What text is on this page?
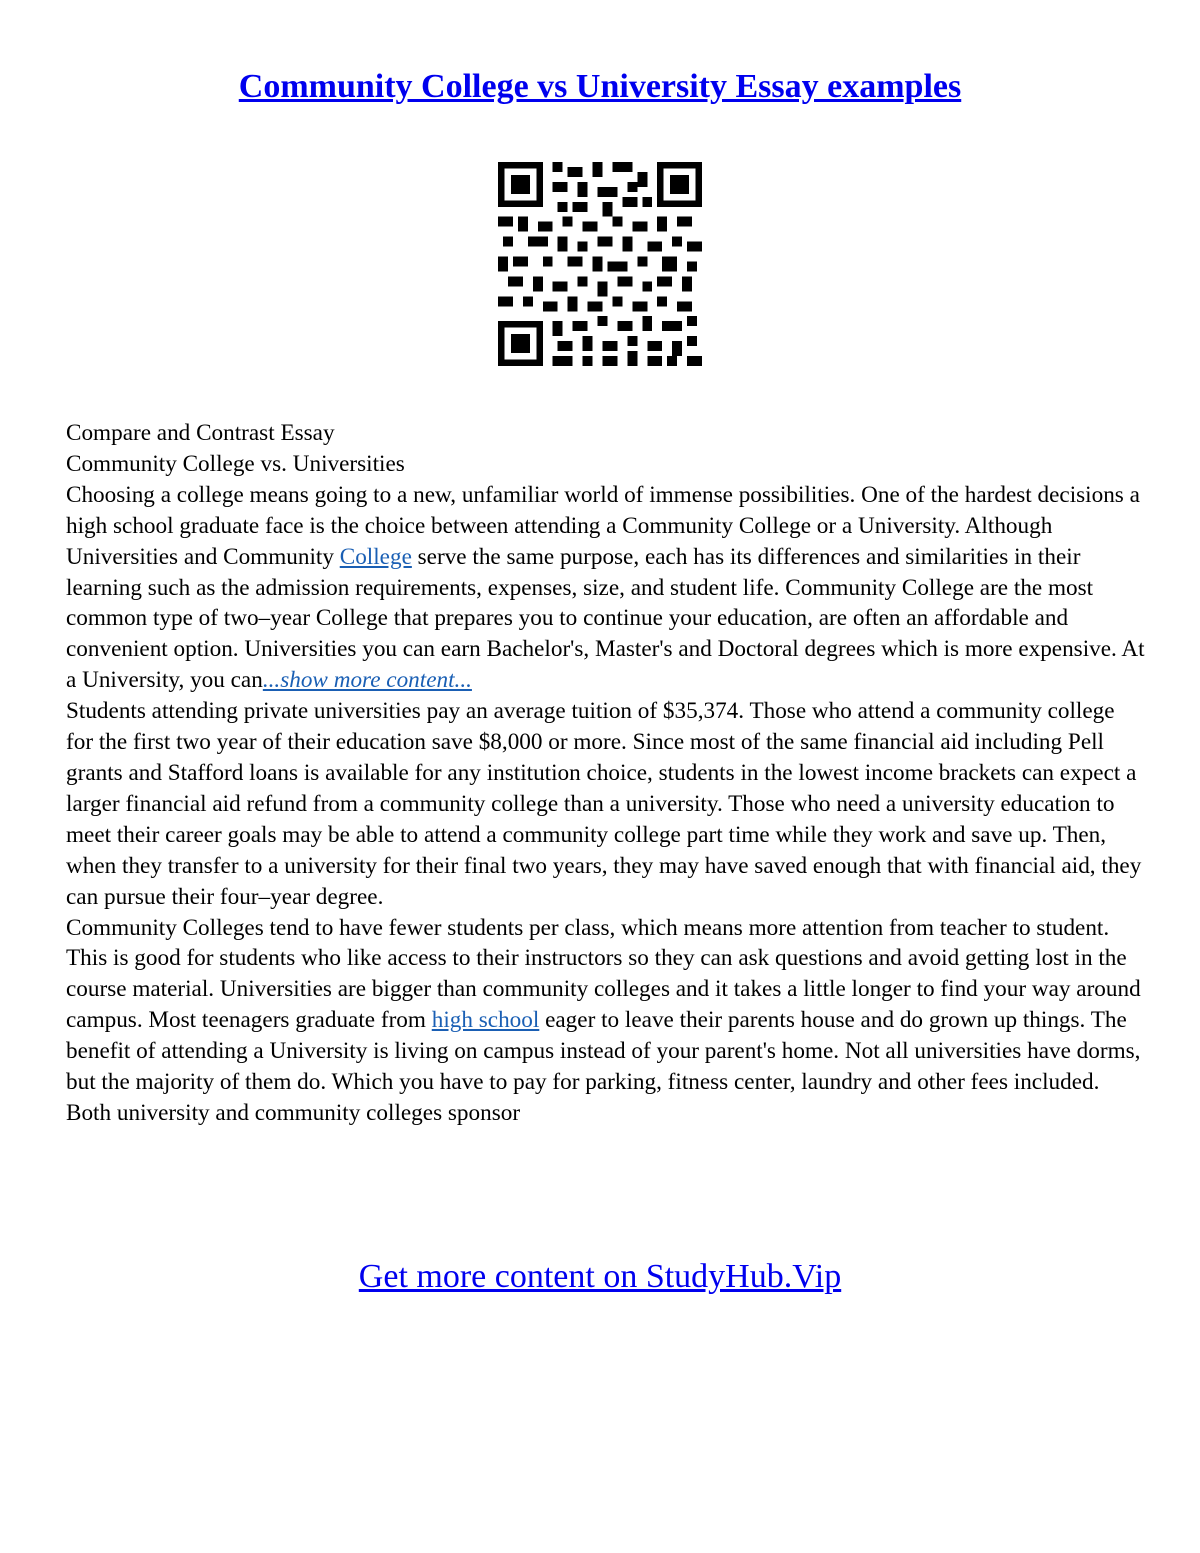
Community College vs University Essay examples

Compare and Contrast Essay

Community College vs. Universities

Choosing a college means going to a new, unfamiliar world of immense possibilities. One of the hardest decisions a high school graduate face is the choice between attending a Community College or a University. Although Universities and Community College serve the same purpose, each has its differences and similarities in their learning such as the admission requirements, expenses, size, and student life. Community College are the most common type of two–year College that prepares you to continue your education, are often an affordable and convenient option. Universities you can earn Bachelor's, Master's and Doctoral degrees which is more expensive. At a University, you can...show more content...

Students attending private universities pay an average tuition of $35,374. Those who attend a community college for the first two year of their education save $8,000 or more. Since most of the same financial aid including Pell grants and Stafford loans is available for any institution choice, students in the lowest income brackets can expect a larger financial aid refund from a community college than a university. Those who need a university education to meet their career goals may be able to attend a community college part time while they work and save up. Then, when they transfer to a university for their final two years, they may have saved enough that with financial aid, they can pursue their four–year degree.

Community Colleges tend to have fewer students per class, which means more attention from teacher to student. This is good for students who like access to their instructors so they can ask questions and avoid getting lost in the course material. Universities are bigger than community colleges and it takes a little longer to find your way around campus. Most teenagers graduate from high school eager to leave their parents house and do grown up things. The benefit of attending a University is living on campus instead of your parent's home. Not all universities have dorms, but the majority of them do. Which you have to pay for parking, fitness center, laundry and other fees included. Both university and community colleges sponsor

Get more content on StudyHub.Vip
